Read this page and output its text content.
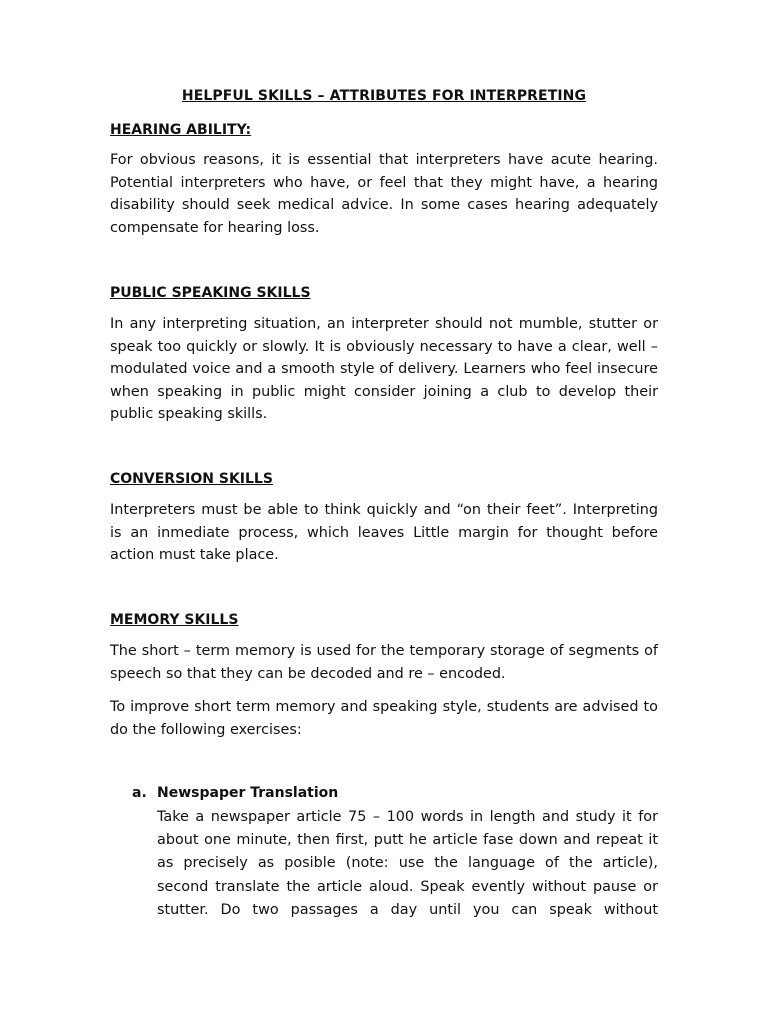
HELPFUL SKILLS – ATTRIBUTES FOR INTERPRETING
HEARING ABILITY:
For obvious reasons, it is essential that interpreters have acute hearing. Potential interpreters who have, or feel that they might have, a hearing disability should seek medical advice. In some cases hearing adequately compensate for hearing loss.
PUBLIC SPEAKING SKILLS
In any interpreting situation, an interpreter should not mumble, stutter or speak too quickly or slowly. It is obviously necessary to have a clear, well – modulated voice and a smooth style of delivery. Learners who feel insecure when speaking in public might consider joining a club to develop their public speaking skills.
CONVERSION SKILLS
Interpreters must be able to think quickly and “on their feet”. Interpreting is an inmediate process, which leaves Little margin for thought before action must take place.
MEMORY SKILLS
The short – term memory is used for the temporary storage of segments of speech so that they can be decoded and re – encoded.
To improve short term memory and speaking style, students are advised to do the following exercises:
a. Newspaper Translation
Take a newspaper article 75 – 100 words in length and study it for about one minute, then first, putt he article fase down and repeat it as precisely as posible (note: use the language of the article), second translate the article aloud. Speak evently without pause or stutter. Do two passages a day until you can speak without
